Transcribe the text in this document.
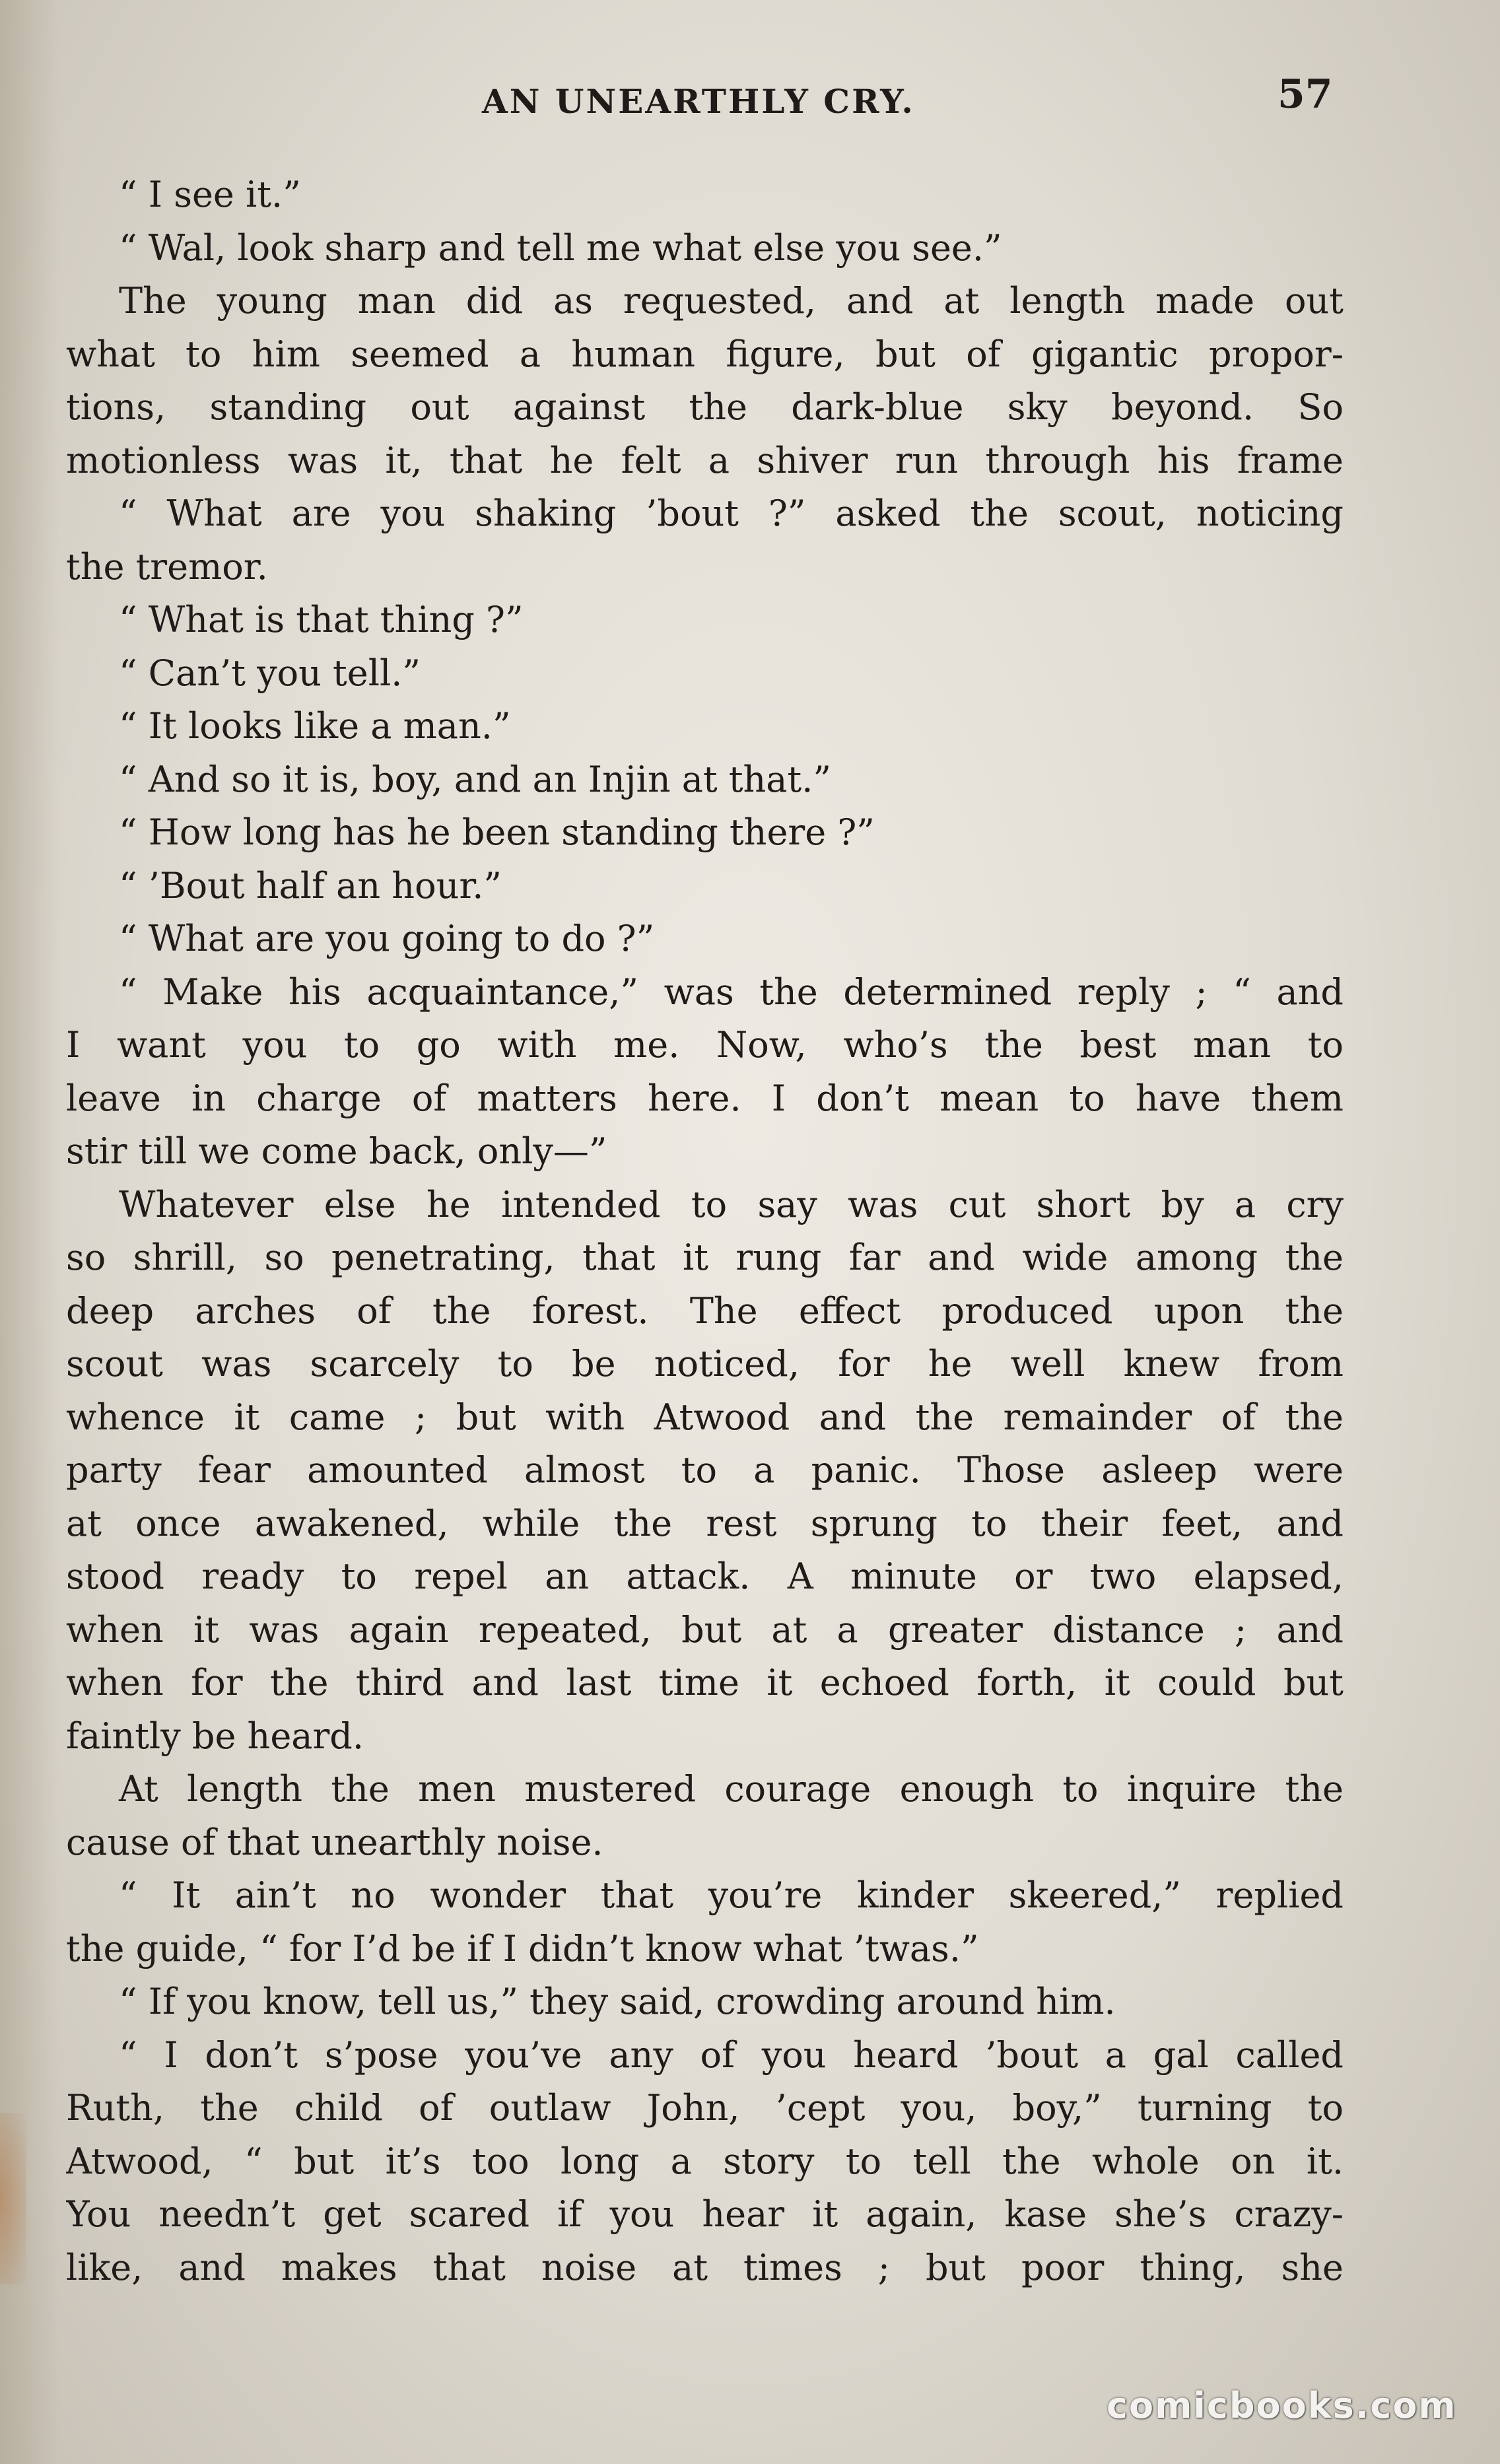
AN UNEARTHLY CRY.	57
“ I see it.”
“ Wal, look sharp and tell me what else you see.”
The young man did as requested, and at length made out
what to him seemed a human figure, but of gigantic propor-
tions, standing out against the dark-blue sky beyond. So
motionless was it, that he felt a shiver run through his frame
“ What are you shaking ’bout ?” asked the scout, noticing
the tremor.
“ What is that thing ?”
“ Can’t you tell.”
“ It looks like a man.”
“ And so it is, boy, and an Injin at that.”
“ How long has he been standing there ?”
“ ’Bout half an hour.”
“ What are you going to do ?”
“ Make his acquaintance,” was the determined reply ; “ and
I want you to go with me. Now, who’s the best man to
leave in charge of matters here. I don’t mean to have them
stir till we come back, only—”
Whatever else he intended to say was cut short by a cry
so shrill, so penetrating, that it rung far and wide among the
deep arches of the forest. The effect produced upon the
scout was scarcely to be noticed, for he well knew from
whence it came ; but with Atwood and the remainder of the
party fear amounted almost to a panic. Those asleep were
at once awakened, while the rest sprung to their feet, and
stood ready to repel an attack. A minute or two elapsed,
when it was again repeated, but at a greater distance ; and
when for the third and last time it echoed forth, it could but
faintly be heard.
At length the men mustered courage enough to inquire the
cause of that unearthly noise.
“ It ain’t no wonder that you’re kinder skeered,” replied
the guide, “ for I’d be if I didn’t know what ’twas.”
“ If you know, tell us,” they said, crowding around him.
“ I don’t s’pose you’ve any of you heard ’bout a gal called
Ruth, the child of outlaw John, ’cept you, boy,” turning to
Atwood, “ but it’s too long a story to tell the whole on it.
You needn’t get scared if you hear it again, kase she’s crazy-
like, and makes that noise at times ; but poor thing, she
comicbooks.com
